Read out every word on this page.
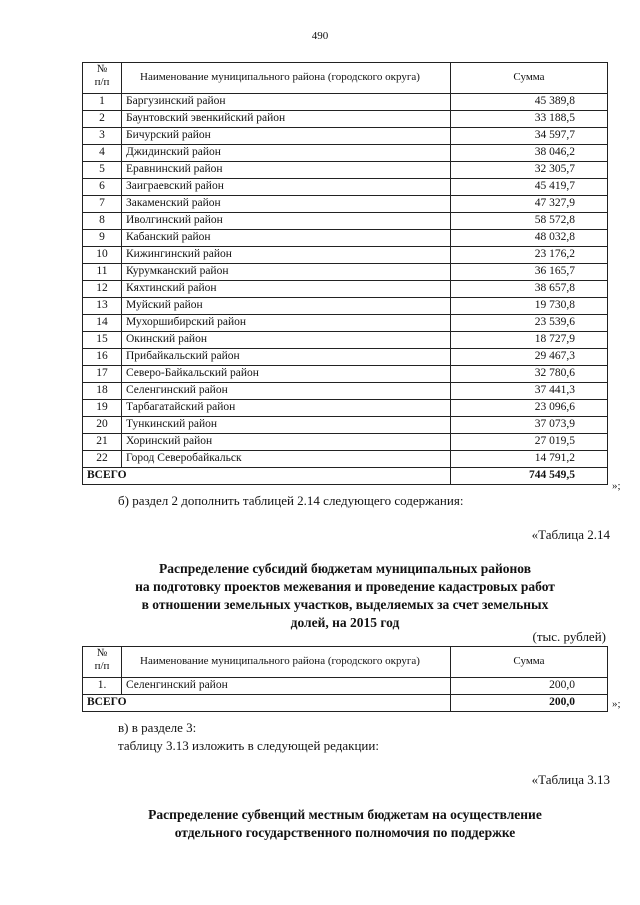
490
№
п/п	Наименование муниципального района (городского округа)	Сумма
1	Баргузинский район	45 389,8
2	Баунтовский эвенкийский район	33 188,5
3	Бичурский район	34 597,7
4	Джидинский район	38 046,2
5	Еравнинский район	32 305,7
6	Заиграевский район	45 419,7
7	Закаменский район	47 327,9
8	Иволгинский район	58 572,8
9	Кабанский район	48 032,8
10	Кижингинский район	23 176,2
11	Курумканский район	36 165,7
12	Кяхтинский район	38 657,8
13	Муйский район	19 730,8
14	Мухоршибирский район	23 539,6
15	Окинский район	18 727,9
16	Прибайкальский район	29 467,3
17	Северо-Байкальский район	32 780,6
18	Селенгинский район	37 441,3
19	Тарбагатайский район	23 096,6
20	Тункинский район	37 073,9
21	Хоринский район	27 019,5
22	Город Северобайкальск	14 791,2
ВСЕГО		744 549,5
»;
б) раздел 2 дополнить таблицей 2.14 следующего содержания:
«Таблица 2.14
Распределение субсидий бюджетам муниципальных районов
на подготовку проектов межевания и проведение кадастровых работ
в отношении земельных участков, выделяемых за счет земельных
долей, на 2015 год
(тыс. рублей)
№
п/п	Наименование муниципального района (городского округа)	Сумма
1.	Селенгинский район	200,0
ВСЕГО		200,0	»;
в) в разделе 3:
таблицу 3.13 изложить в следующей редакции:
«Таблица 3.13
Распределение субвенций местным бюджетам на осуществление
отдельного государственного полномочия по поддержке
